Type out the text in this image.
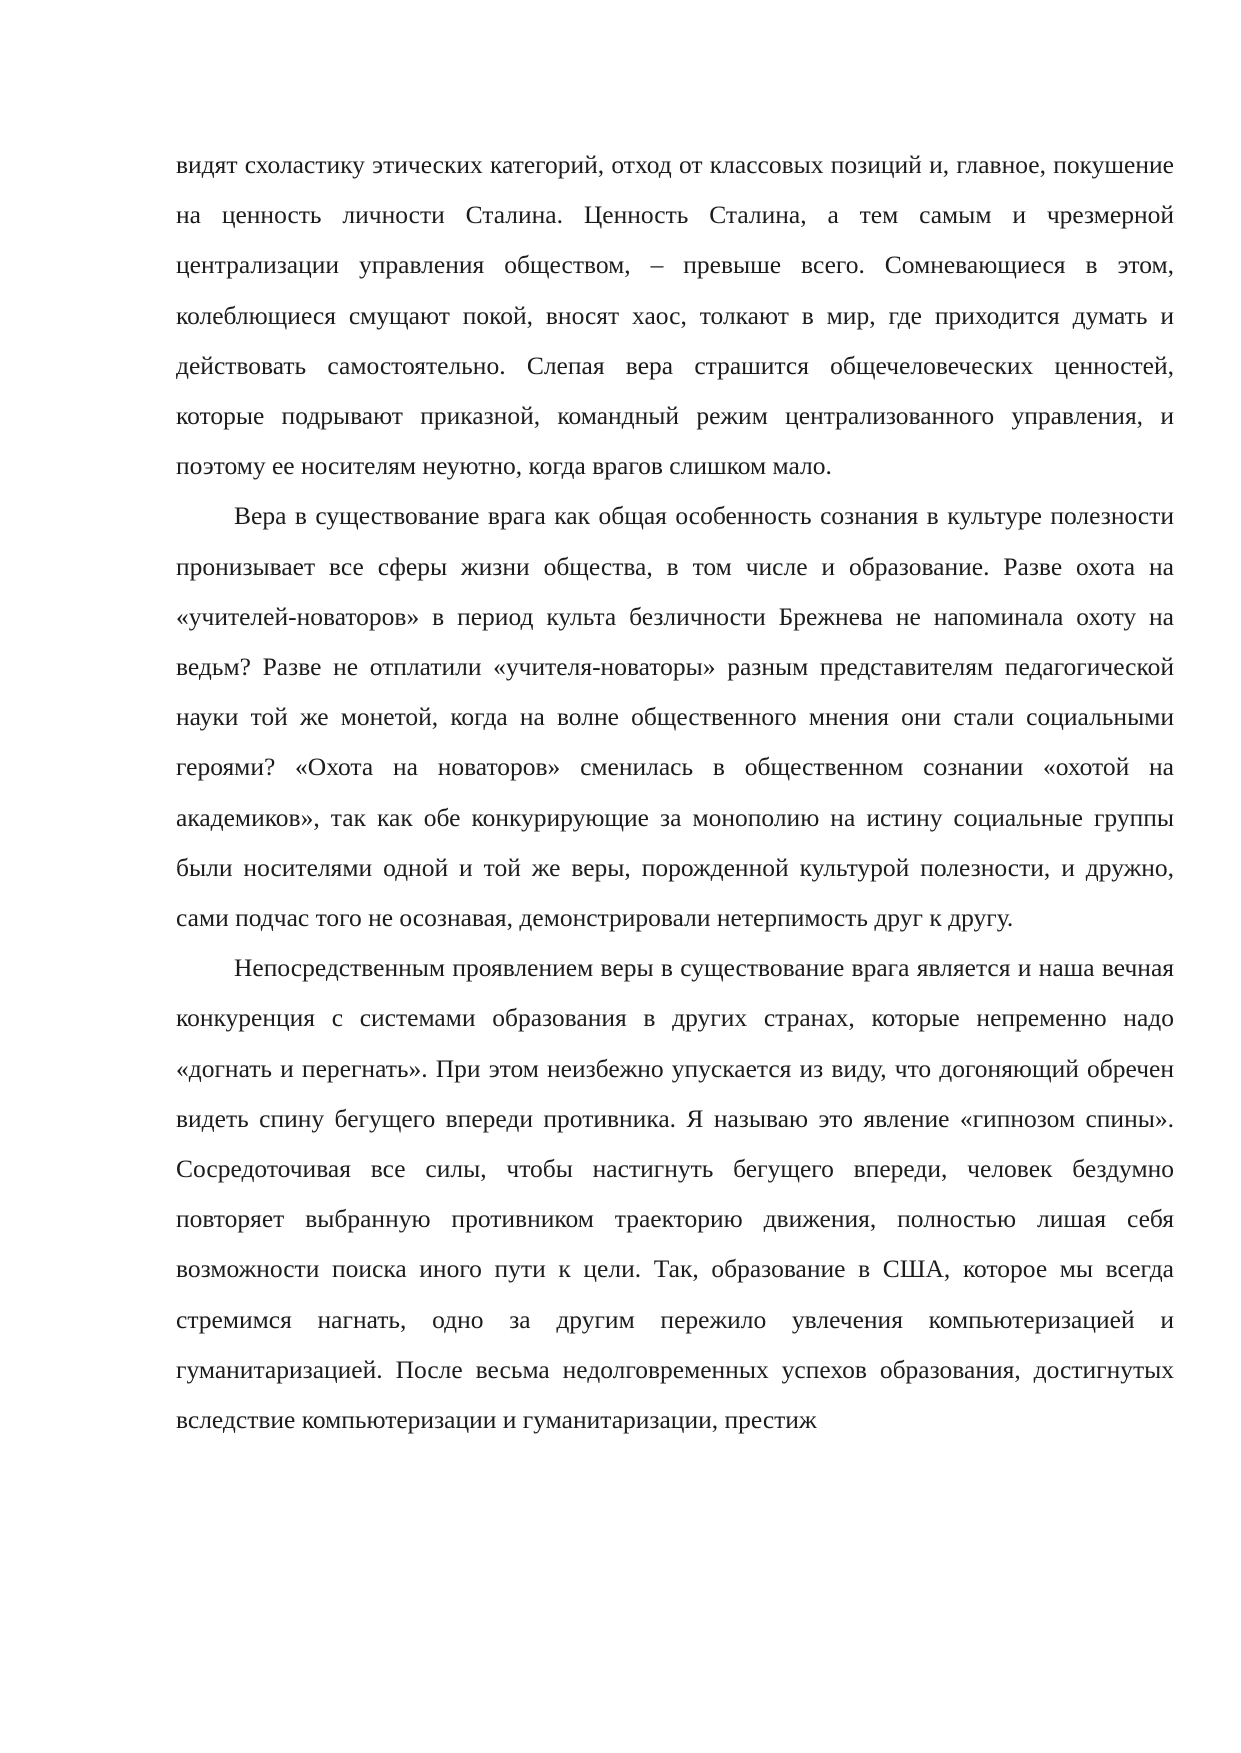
видят схоластику этических категорий, отход от классовых позиций и, главное, покушение на ценность личности Сталина. Ценность Сталина, а тем самым и чрезмерной централизации управления обществом, – превыше всего. Сомневающиеся в этом, колеблющиеся смущают покой, вносят хаос, толкают в мир, где приходится думать и действовать самостоятельно. Слепая вера страшится общечеловеческих ценностей, которые подрывают приказной, командный режим централизованного управления, и поэтому ее носителям неуютно, когда врагов слишком мало.

Вера в существование врага как общая особенность сознания в культуре полезности пронизывает все сферы жизни общества, в том числе и образование. Разве охота на «учителей-новаторов» в период культа безличности Брежнева не напоминала охоту на ведьм? Разве не отплатили «учителя-новаторы» разным представителям педагогической науки той же монетой, когда на волне общественного мнения они стали социальными героями? «Охота на новаторов» сменилась в общественном сознании «охотой на академиков», так как обе конкурирующие за монополию на истину социальные группы были носителями одной и той же веры, порожденной культурой полезности, и дружно, сами подчас того не осознавая, демонстрировали нетерпимость друг к другу.

Непосредственным проявлением веры в существование врага является и наша вечная конкуренция с системами образования в других странах, которые непременно надо «догнать и перегнать». При этом неизбежно упускается из виду, что догоняющий обречен видеть спину бегущего впереди противника. Я называю это явление «гипнозом спины». Сосредоточивая все силы, чтобы настигнуть бегущего впереди, человек бездумно повторяет выбранную противником траекторию движения, полностью лишая себя возможности поиска иного пути к цели. Так, образование в США, которое мы всегда стремимся нагнать, одно за другим пережило увлечения компьютеризацией и гуманитаризацией. После весьма недолговременных успехов образования, достигнутых вследствие компьютеризации и гуманитаризации, престиж
